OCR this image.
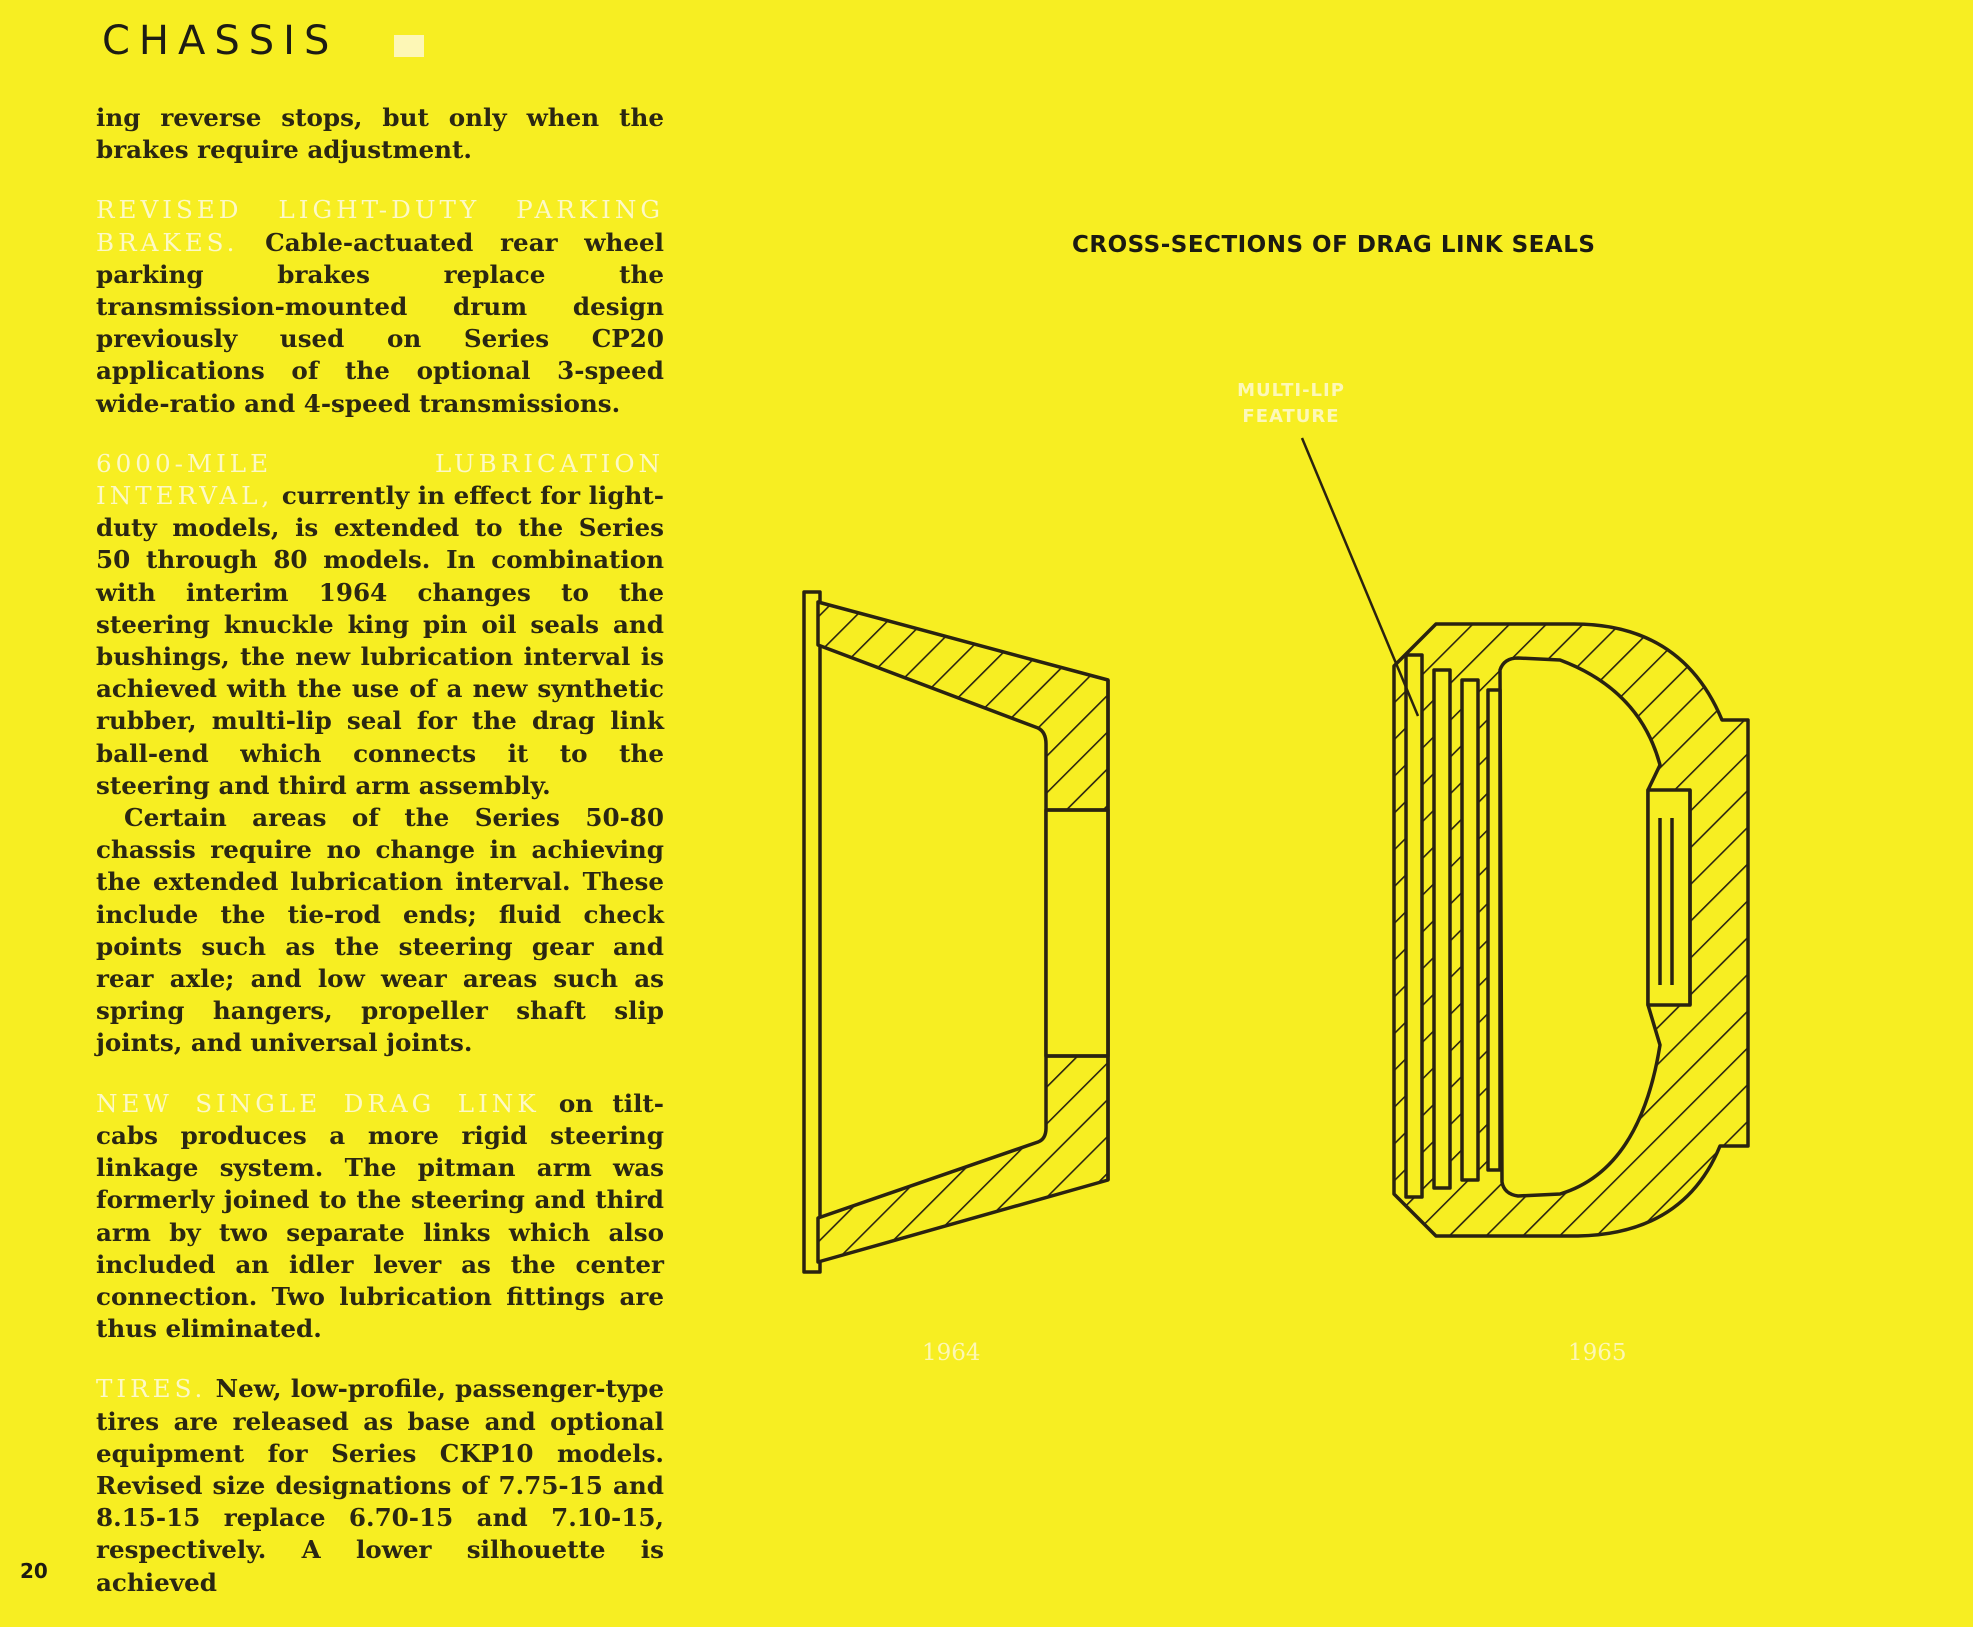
CHASSIS

ing reverse stops, but only when the brakes require adjustment.

REVISED LIGHT-DUTY PARKING BRAKES. Cable-actuated rear wheel parking brakes replace the transmission-mounted drum design previously used on Series CP20 applications of the optional 3-speed wide-ratio and 4-speed transmissions.

6000-MILE LUBRICATION INTERVAL, currently in effect for light-duty models, is extended to the Series 50 through 80 models. In combination with interim 1964 changes to the steering knuckle king pin oil seals and bushings, the new lubrication interval is achieved with the use of a new synthetic rubber, multi-lip seal for the drag link ball-end which connects it to the steering and third arm assembly.

Certain areas of the Series 50-80 chassis require no change in achieving the extended lubrication interval. These include the tie-rod ends; fluid check points such as the steering gear and rear axle; and low wear areas such as spring hangers, propeller shaft slip joints, and universal joints.

NEW SINGLE DRAG LINK on tilt-cabs produces a more rigid steering linkage system. The pitman arm was formerly joined to the steering and third arm by two separate links which also included an idler lever as the center connection. Two lubrication fittings are thus eliminated.

TIRES. New, low-profile, passenger-type tires are released as base and optional equipment for Series CKP10 models. Revised size designations of 7.75-15 and 8.15-15 replace 6.70-15 and 7.10-15, respectively. A lower silhouette is achieved

CROSS-SECTIONS OF DRAG LINK SEALS
MULTI-LIP
FEATURE
1964	1965
20
